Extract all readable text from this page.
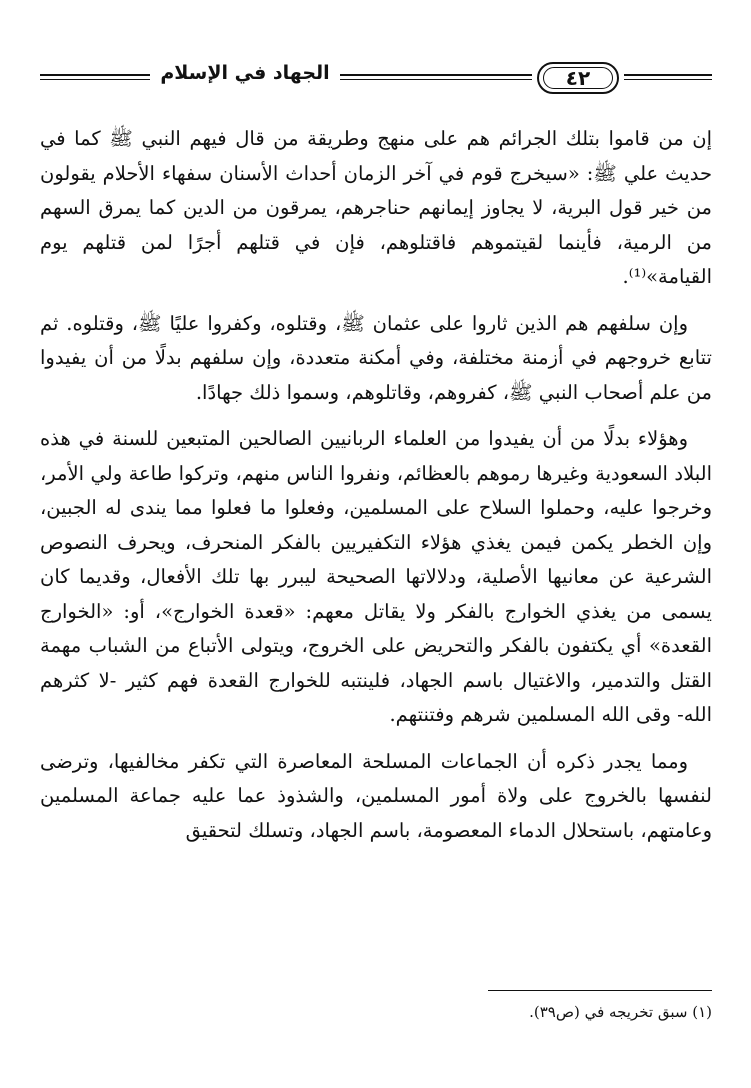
الجهاد في الإسلام	٤٢
إن من قاموا بتلك الجرائم هم على منهج وطريقة من قال فيهم النبي ﷺ كما في حديث علي ﷺ: «سيخرج قوم في آخر الزمان أحداث الأسنان سفهاء الأحلام يقولون من خير قول البرية، لا يجاوز إيمانهم حناجرهم، يمرقون من الدين كما يمرق السهم من الرمية، فأينما لقيتموهم فاقتلوهم، فإن في قتلهم أجرًا لمن قتلهم يوم القيامة»⁽¹⁾.
وإن سلفهم هم الذين ثاروا على عثمان ﷺ، وقتلوه، وكفروا عليًا ﷺ، وقتلوه. ثم تتابع خروجهم في أزمنة مختلفة، وفي أمكنة متعددة، وإن سلفهم بدلًا من أن يفيدوا من علم أصحاب النبي ﷺ، كفروهم، وقاتلوهم، وسموا ذلك جهادًا.
وهؤلاء بدلًا من أن يفيدوا من العلماء الربانيين الصالحين المتبعين للسنة في هذه البلاد السعودية وغيرها رموهم بالعظائم، ونفروا الناس منهم، وتركوا طاعة ولي الأمر، وخرجوا عليه، وحملوا السلاح على المسلمين، وفعلوا ما فعلوا مما يندى له الجبين، وإن الخطر يكمن فيمن يغذي هؤلاء التكفيريين بالفكر المنحرف، ويحرف النصوص الشرعية عن معانيها الأصلية، ودلالاتها الصحيحة ليبرر بها تلك الأفعال، وقديما كان يسمى من يغذي الخوارج بالفكر ولا يقاتل معهم: «قعدة الخوارج»، أو: «الخوارج القعدة» أي يكتفون بالفكر والتحريض على الخروج، ويتولى الأتباع من الشباب مهمة القتل والتدمير، والاغتيال باسم الجهاد، فلينتبه للخوارج القعدة فهم كثير -لا كثرهم الله- وقى الله المسلمين شرهم وفتنتهم.
ومما يجدر ذكره أن الجماعات المسلحة المعاصرة التي تكفر مخالفيها، وترضى لنفسها بالخروج على ولاة أمور المسلمين، والشذوذ عما عليه جماعة المسلمين وعامتهم، باستحلال الدماء المعصومة، باسم الجهاد، وتسلك لتحقيق
(١) سبق تخريجه في (ص٣٩).
